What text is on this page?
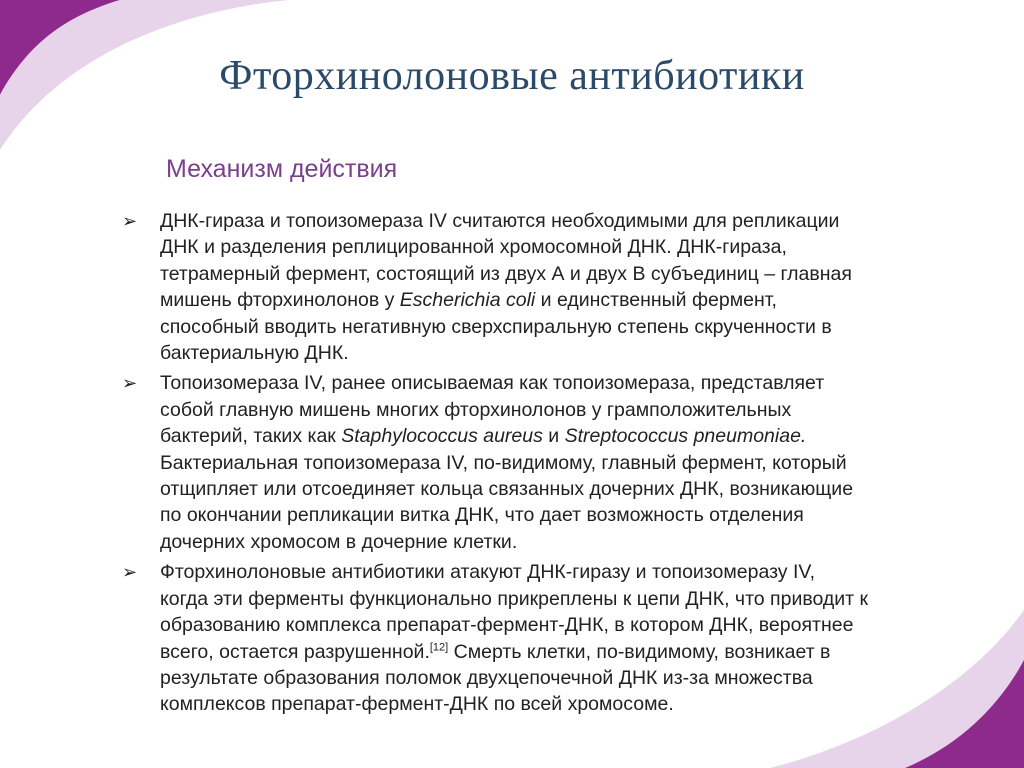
Фторхинолоновые антибиотики
Механизм действия
➢ ДНК-гираза и топоизомераза IV считаются необходимыми для репликации
ДНК и разделения реплицированной хромосомной ДНК. ДНК-гираза,
тетрамерный фермент, состоящий из двух А и двух В субъединиц – главная
мишень фторхинолонов у Escherichia coli и единственный фермент,
способный вводить негативную сверхспиральную степень скрученности в
бактериальную ДНК.
➢ Топоизомераза IV, ранее описываемая как топоизомераза, представляет
собой главную мишень многих фторхинолонов у грамположительных
бактерий, таких как Staphylococcus aureus и Streptococcus pneumoniae.
Бактериальная топоизомераза IV, по-видимому, главный фермент, который
отщипляет или отсоединяет кольца связанных дочерних ДНК, возникающие
по окончании репликации витка ДНК, что дает возможность отделения
дочерних хромосом в дочерние клетки.
➢ Фторхинолоновые антибиотики атакуют ДНК-гиразу и топоизомеразу IV,
когда эти ферменты функционально прикреплены к цепи ДНК, что приводит к
образованию комплекса препарат-фермент-ДНК, в котором ДНК, вероятнее
всего, остается разрушенной.[12] Смерть клетки, по-видимому, возникает в
результате образования поломок двухцепочечной ДНК из-за множества
комплексов препарат-фермент-ДНК по всей хромосоме.
